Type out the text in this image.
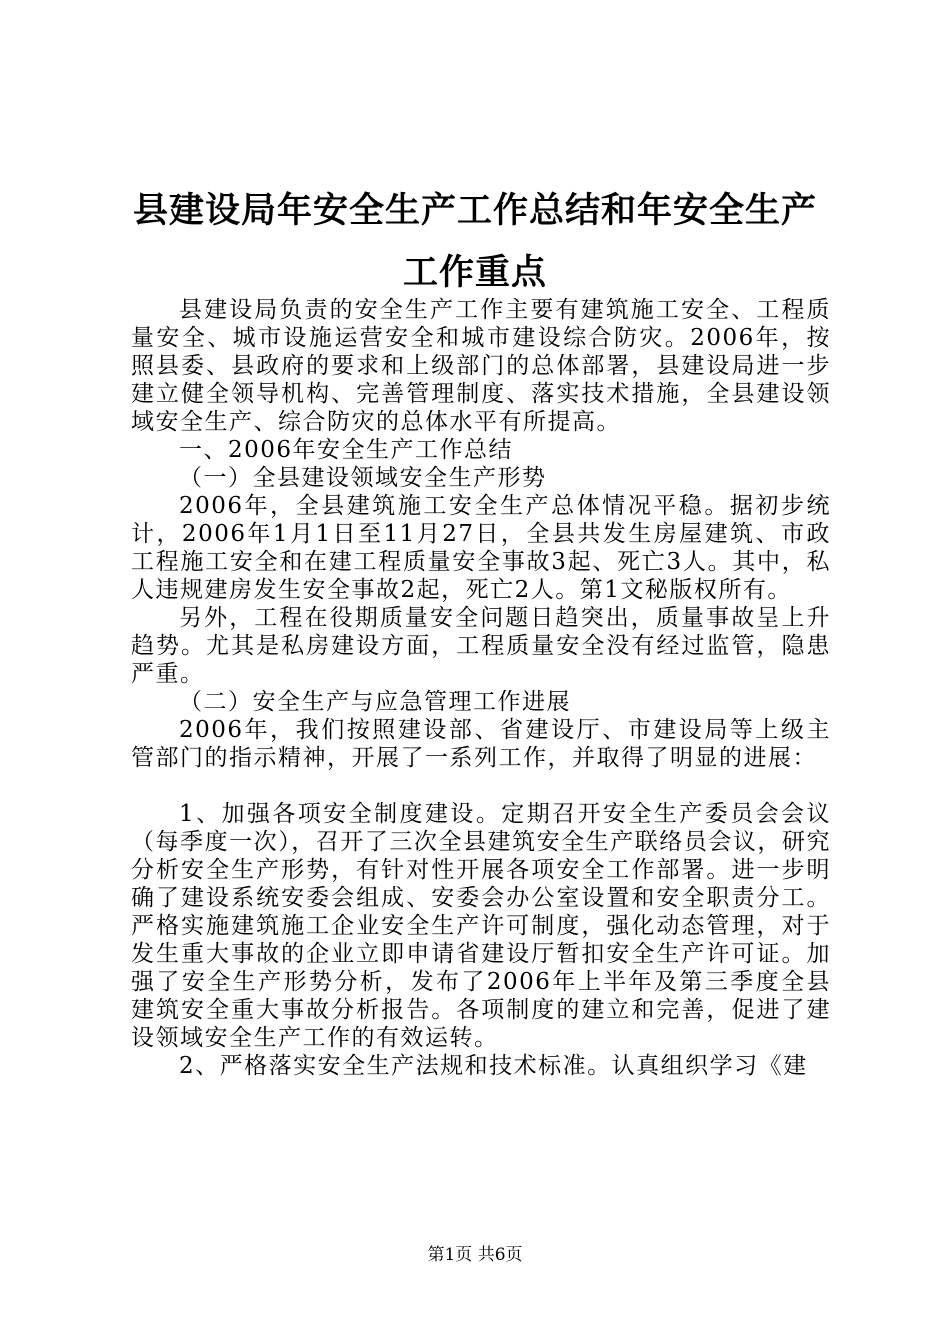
县建设局年安全生产工作总结和年安全生产工作重点

县建设局负责的安全生产工作主要有建筑施工安全、工程质量安全、城市设施运营安全和城市建设综合防灾。2006年，按照县委、县政府的要求和上级部门的总体部署，县建设局进一步建立健全领导机构、完善管理制度、落实技术措施，全县建设领域安全生产、综合防灾的总体水平有所提高。

一、2006年安全生产工作总结

（一）全县建设领域安全生产形势

2006年，全县建筑施工安全生产总体情况平稳。据初步统计，2006年1月1日至11月27日，全县共发生房屋建筑、市政工程施工安全和在建工程质量安全事故3起、死亡3人。其中，私人违规建房发生安全事故2起，死亡2人。第1文秘版权所有。

另外，工程在役期质量安全问题日趋突出，质量事故呈上升趋势。尤其是私房建设方面，工程质量安全没有经过监管，隐患严重。

（二）安全生产与应急管理工作进展

2006年，我们按照建设部、省建设厅、市建设局等上级主管部门的指示精神，开展了一系列工作，并取得了明显的进展：

1、加强各项安全制度建设。定期召开安全生产委员会会议（每季度一次），召开了三次全县建筑安全生产联络员会议，研究分析安全生产形势，有针对性开展各项安全工作部署。进一步明确了建设系统安委会组成、安委会办公室设置和安全职责分工。严格实施建筑施工企业安全生产许可制度，强化动态管理，对于发生重大事故的企业立即申请省建设厅暂扣安全生产许可证。加强了安全生产形势分析，发布了2006年上半年及第三季度全县建筑安全重大事故分析报告。各项制度的建立和完善，促进了建设领域安全生产工作的有效运转。

2、严格落实安全生产法规和技术标准。认真组织学习《建

第1页 共6页
